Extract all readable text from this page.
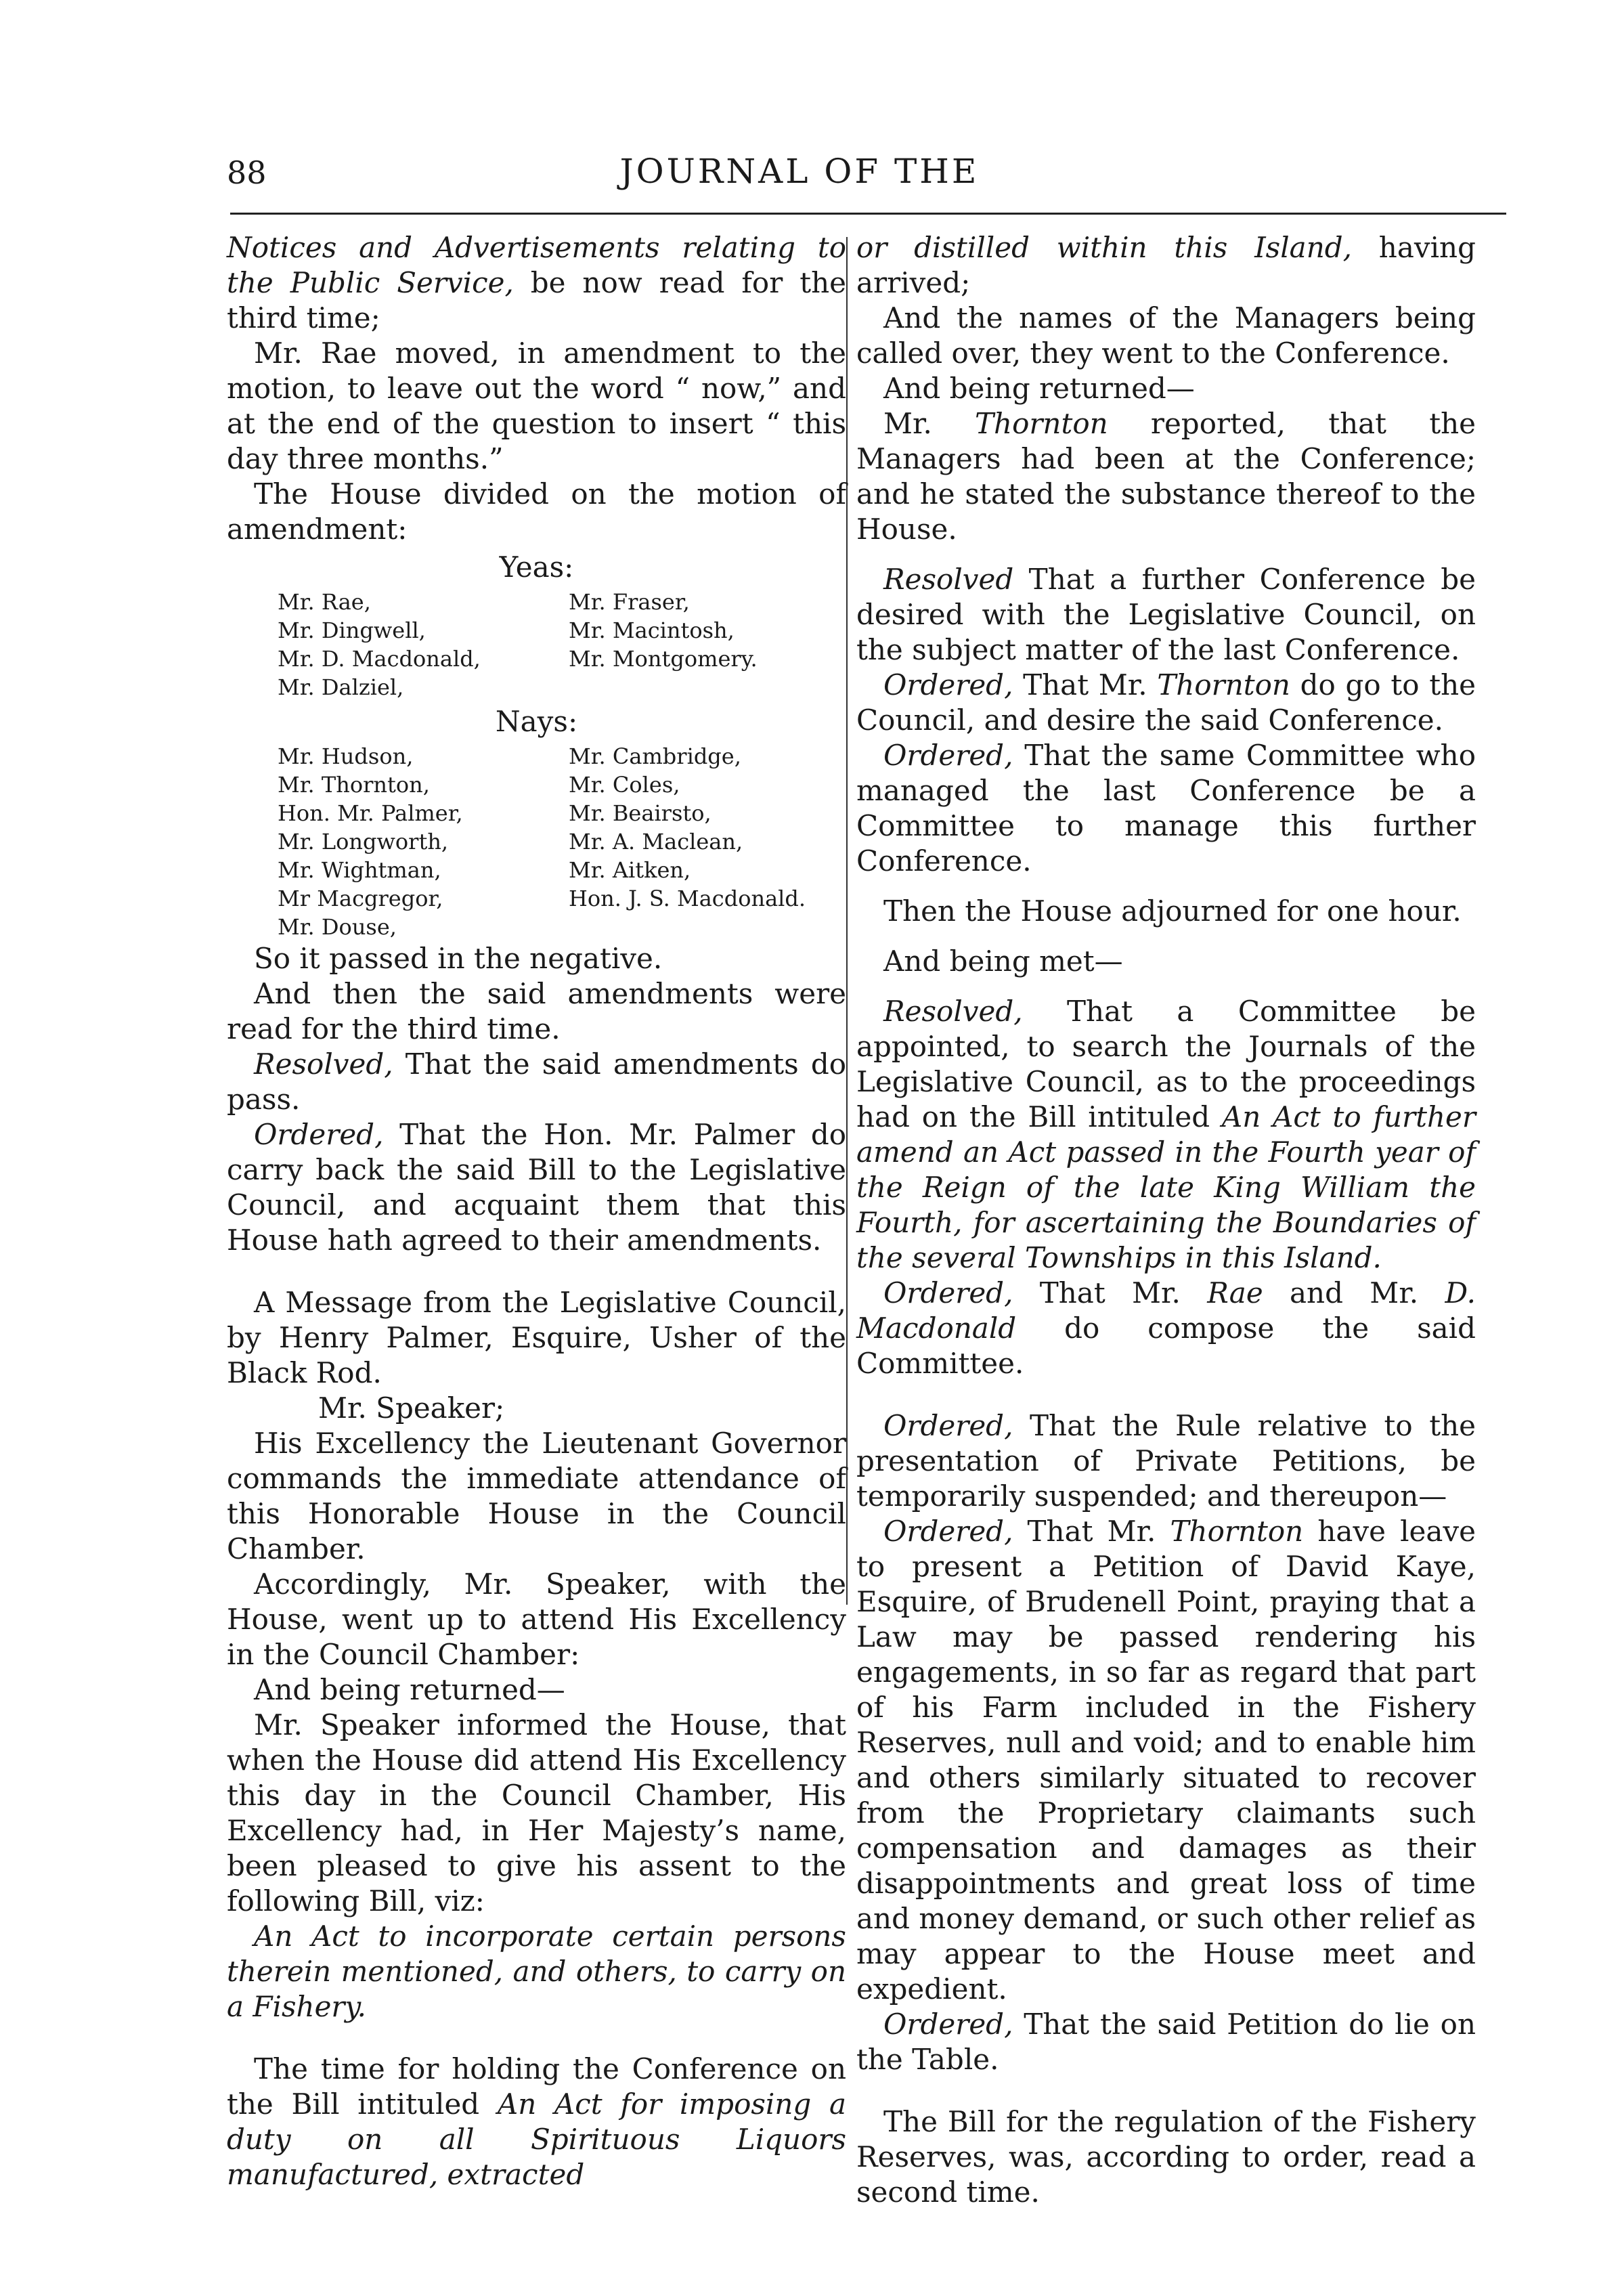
88	JOURNAL OF THE

Notices and Advertisements relating to the Public Service, be now read for the third time;

Mr. Rae moved, in amendment to the motion, to leave out the word “ now,” and at the end of the question to insert “ this day three months.”

The House divided on the motion of amendment:

Yeas:

Mr. Rae,	Mr. Fraser,
Mr. Dingwell,	Mr. Macintosh,
Mr. D. Macdonald,	Mr. Montgomery.
Mr. Dalziel,

Nays:

Mr. Hudson,	Mr. Cambridge,
Mr. Thornton,	Mr. Coles,
Hon. Mr. Palmer,	Mr. Beairsto,
Mr. Longworth,	Mr. A. Maclean,
Mr. Wightman,	Mr. Aitken,
Mr Macgregor,	Hon. J. S. Macdonald.
Mr. Douse,

So it passed in the negative.

And then the said amendments were read for the third time.

Resolved, That the said amendments do pass.

Ordered, That the Hon. Mr. Palmer do carry back the said Bill to the Legislative Council, and acquaint them that this House hath agreed to their amendments.

A Message from the Legislative Council, by Henry Palmer, Esquire, Usher of the Black Rod.

Mr. Speaker;

His Excellency the Lieutenant Governor commands the immediate attendance of this Honorable House in the Council Chamber.

Accordingly, Mr. Speaker, with the House, went up to attend His Excellency in the Council Chamber:

And being returned—

Mr. Speaker informed the House, that when the House did attend His Excellency this day in the Council Chamber, His Excellency had, in Her Majesty’s name, been pleased to give his assent to the following Bill, viz:

An Act to incorporate certain persons therein mentioned, and others, to carry on a Fishery.

The time for holding the Conference on the Bill intituled An Act for imposing a duty on all Spirituous Liquors manufactured, extracted

or distilled within this Island, having arrived;

And the names of the Managers being called over, they went to the Conference.

And being returned—

Mr. Thornton reported, that the Managers had been at the Conference; and he stated the substance thereof to the House.

Resolved That a further Conference be desired with the Legislative Council, on the subject matter of the last Conference.

Ordered, That Mr. Thornton do go to the Council, and desire the said Conference.

Ordered, That the same Committee who managed the last Conference be a Committee to manage this further Conference.

Then the House adjourned for one hour.

And being met—

Resolved, That a Committee be appointed, to search the Journals of the Legislative Council, as to the proceedings had on the Bill intituled An Act to further amend an Act passed in the Fourth year of the Reign of the late King William the Fourth, for ascertaining the Boundaries of the several Townships in this Island.

Ordered, That Mr. Rae and Mr. D. Macdonald do compose the said Committee.

Ordered, That the Rule relative to the presentation of Private Petitions, be temporarily suspended; and thereupon—

Ordered, That Mr. Thornton have leave to present a Petition of David Kaye, Esquire, of Brudenell Point, praying that a Law may be passed rendering his engagements, in so far as regard that part of his Farm included in the Fishery Reserves, null and void; and to enable him and others similarly situated to recover from the Proprietary claimants such compensation and damages as their disappointments and great loss of time and money demand, or such other relief as may appear to the House meet and expedient.

Ordered, That the said Petition do lie on the Table.

The Bill for the regulation of the Fishery Reserves, was, according to order, read a second time.
